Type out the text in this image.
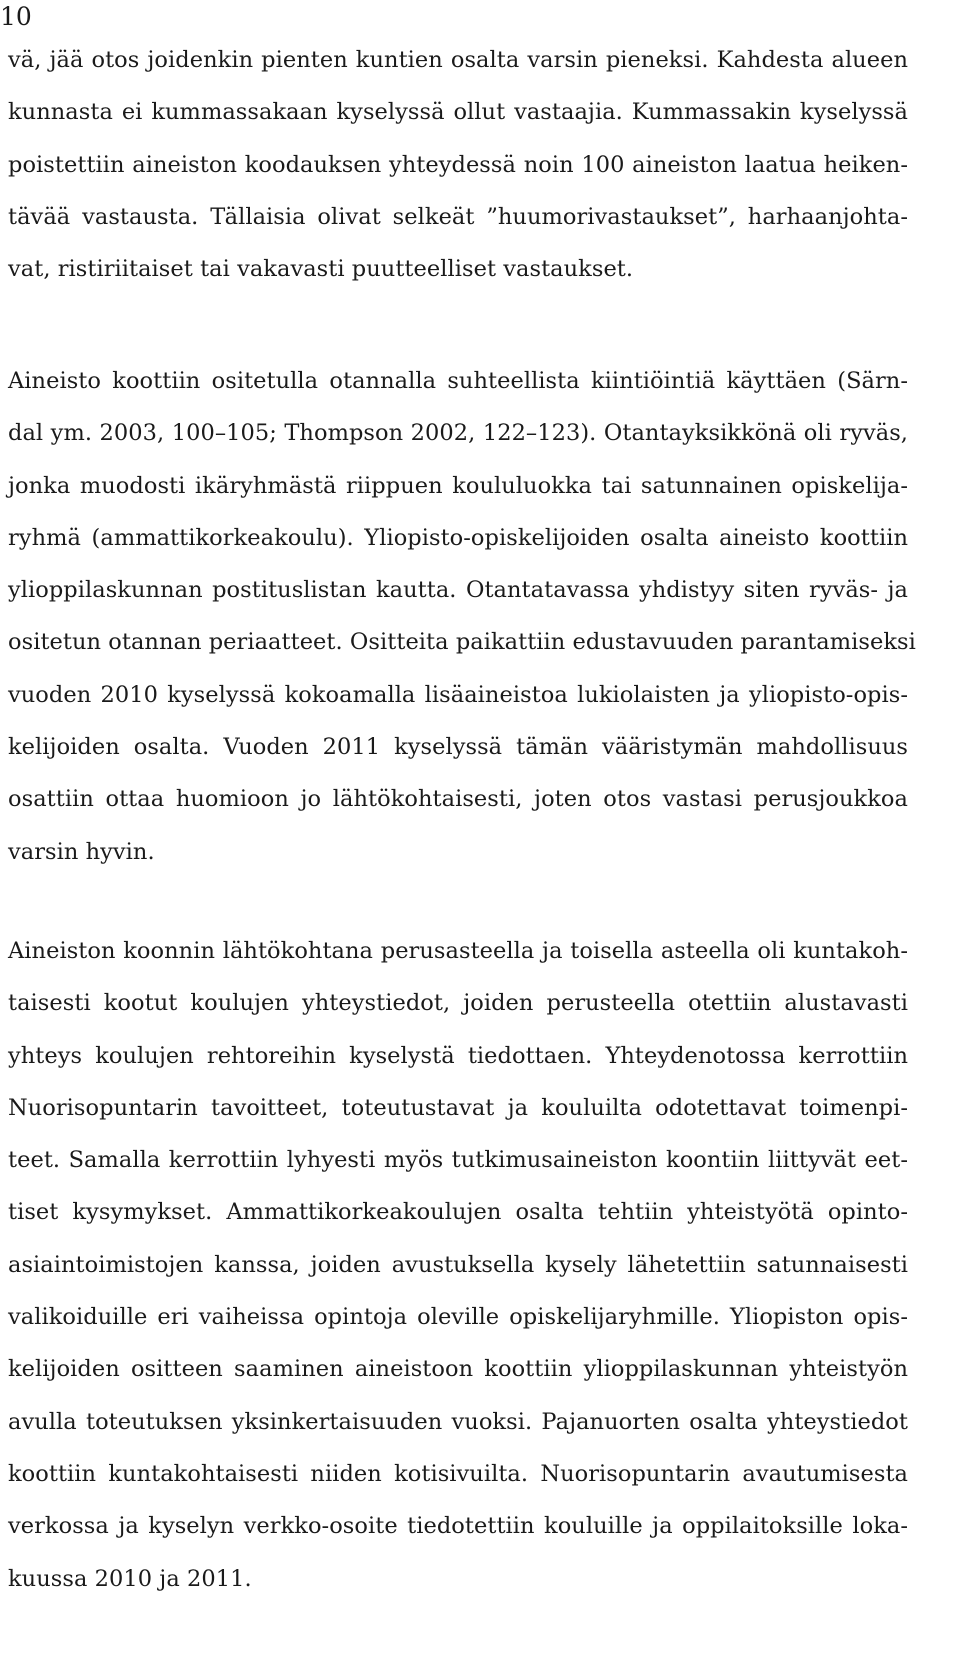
10
vä, jää otos joidenkin pienten kuntien osalta varsin pieneksi. Kahdesta alueen
kunnasta ei kummassakaan kyselyssä ollut vastaajia. Kummassakin kyselyssä
poistettiin aineiston koodauksen yhteydessä noin 100 aineiston laatua heiken-
tävää vastausta. Tällaisia olivat selkeät ”huumorivastaukset”, harhaanjohta-
vat, ristiriitaiset tai vakavasti puutteelliset vastaukset.
Aineisto koottiin ositetulla otannalla suhteellista kiintiöintiä käyttäen (Särn-
dal ym. 2003, 100–105; Thompson 2002, 122–123). Otantayksikkönä oli ryväs,
jonka muodosti ikäryhmästä riippuen koululuokka tai satunnainen opiskelija-
ryhmä (ammattikorkeakoulu). Yliopisto-opiskelijoiden osalta aineisto koottiin
ylioppilaskunnan postituslistan kautta. Otantatavassa yhdistyy siten ryväs- ja
ositetun otannan periaatteet. Ositteita paikattiin edustavuuden parantamiseksi
vuoden 2010 kyselyssä kokoamalla lisäaineistoa lukiolaisten ja yliopisto-opis-
kelijoiden osalta. Vuoden 2011 kyselyssä tämän vääristymän mahdollisuus
osattiin ottaa huomioon jo lähtökohtaisesti, joten otos vastasi perusjoukkoa
varsin hyvin.
Aineiston koonnin lähtökohtana perusasteella ja toisella asteella oli kuntakoh-
taisesti kootut koulujen yhteystiedot, joiden perusteella otettiin alustavasti
yhteys koulujen rehtoreihin kyselystä tiedottaen. Yhteydenotossa kerrottiin
Nuorisopuntarin tavoitteet, toteutustavat ja kouluilta odotettavat toimenpi-
teet. Samalla kerrottiin lyhyesti myös tutkimusaineiston koontiin liittyvät eet-
tiset kysymykset. Ammattikorkeakoulujen osalta tehtiin yhteistyötä opinto-
asiaintoimistojen kanssa, joiden avustuksella kysely lähetettiin satunnaisesti
valikoiduille eri vaiheissa opintoja oleville opiskelijaryhmille. Yliopiston opis-
kelijoiden ositteen saaminen aineistoon koottiin ylioppilaskunnan yhteistyön
avulla toteutuksen yksinkertaisuuden vuoksi. Pajanuorten osalta yhteystiedot
koottiin kuntakohtaisesti niiden kotisivuilta. Nuorisopuntarin avautumisesta
verkossa ja kyselyn verkko-osoite tiedotettiin kouluille ja oppilaitoksille loka-
kuussa 2010 ja 2011.
